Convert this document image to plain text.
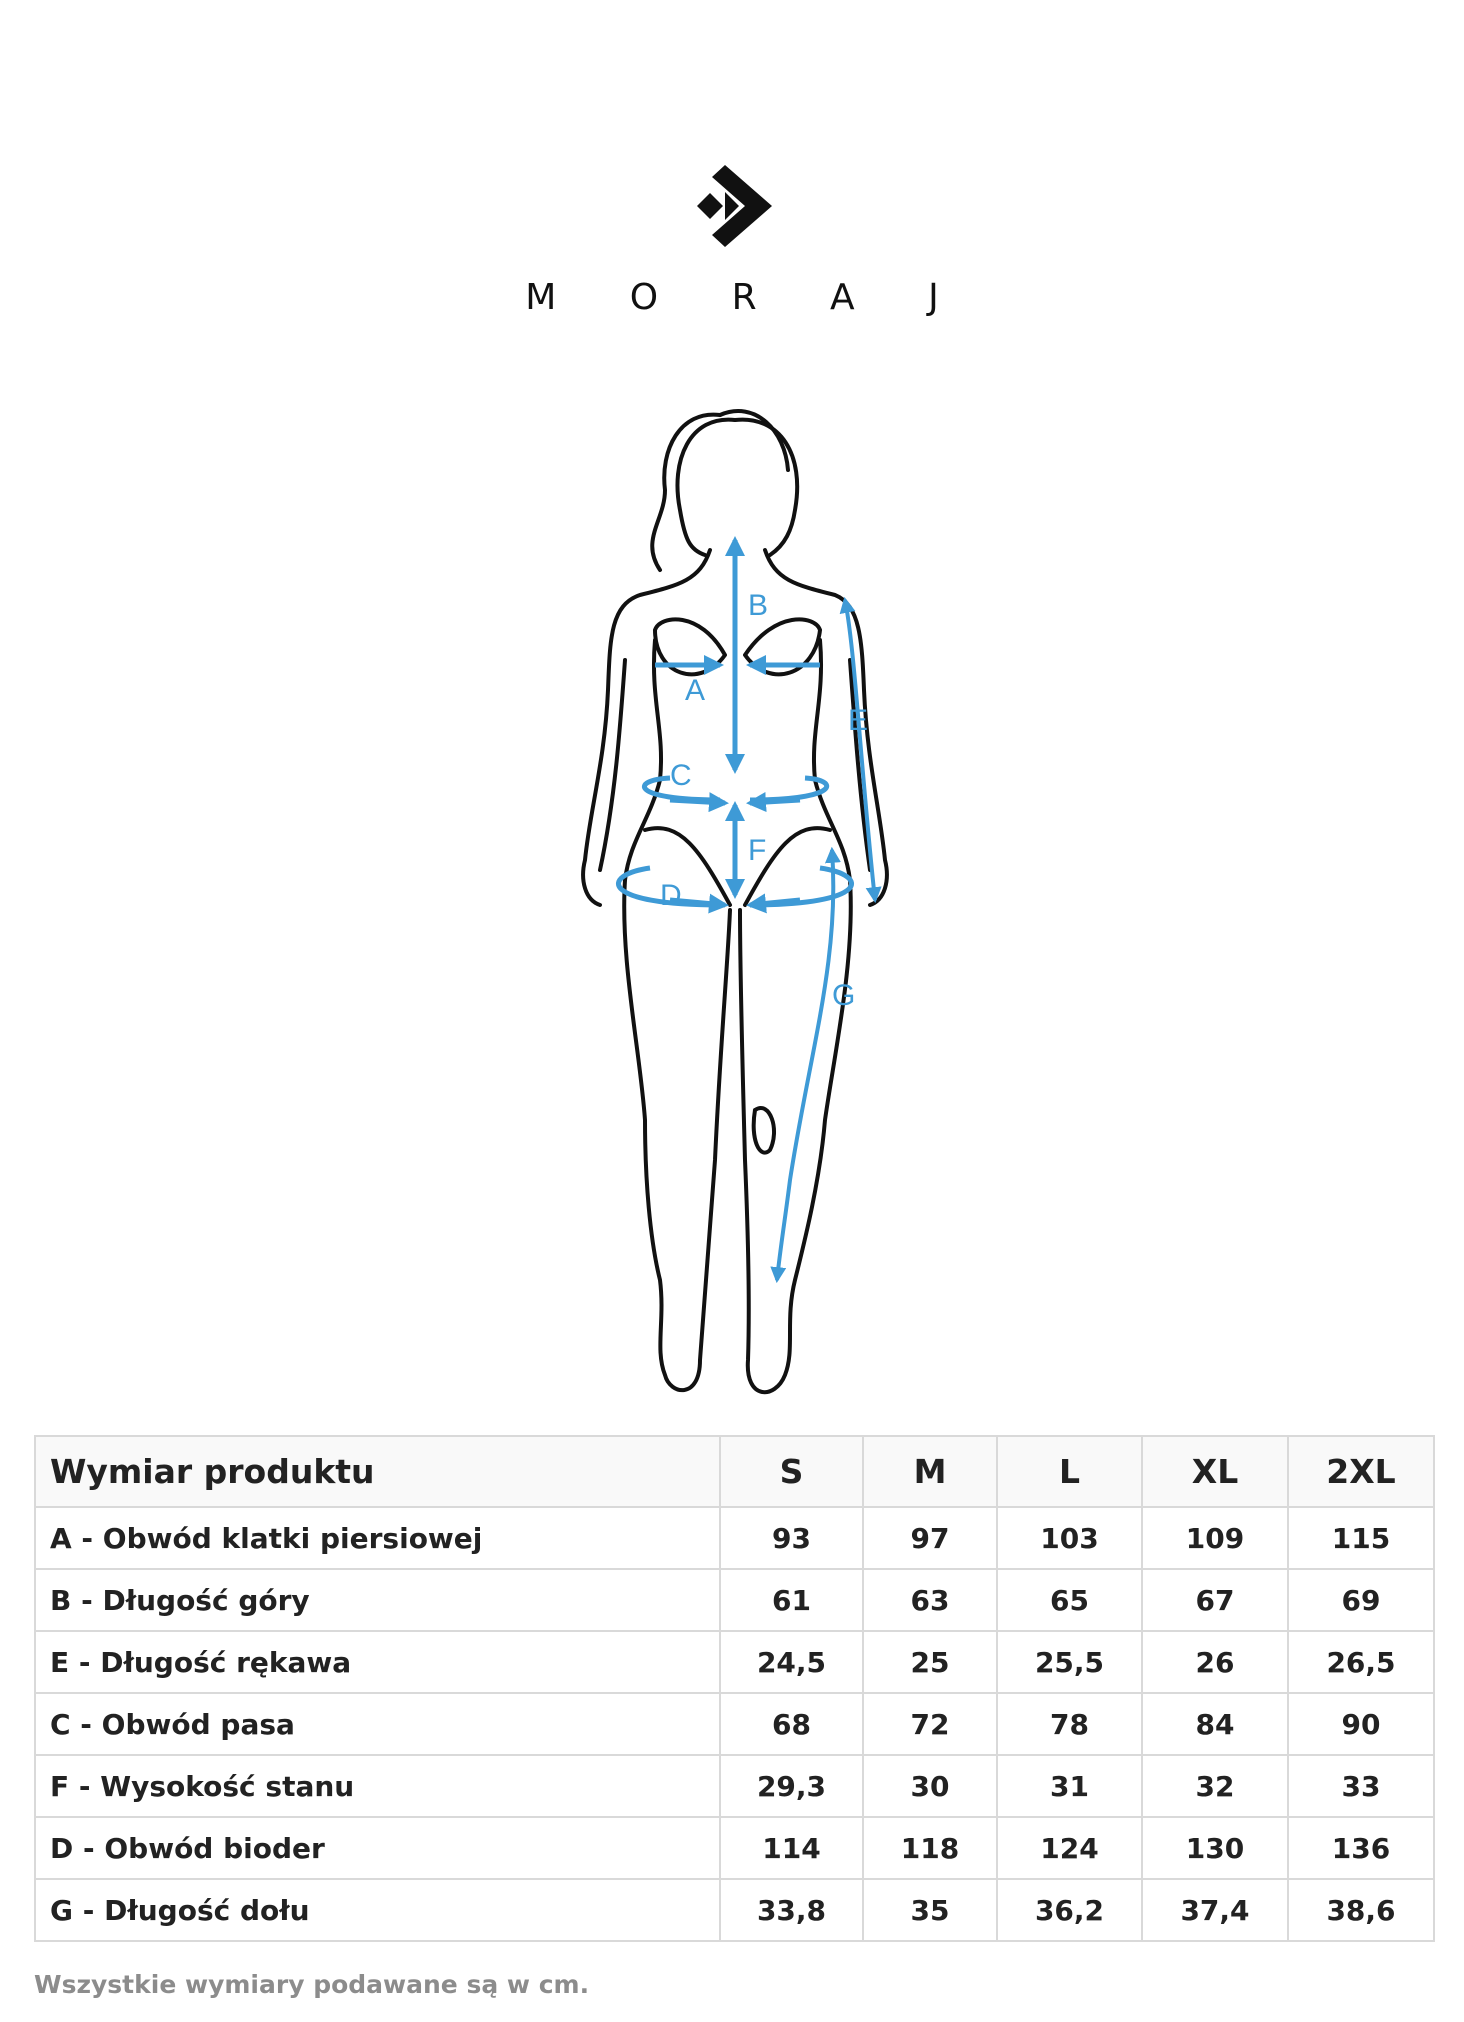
M O R A J
B
A
E
C
F
D
G
Wymiar produktu	S	M	L	XL	2XL
A - Obwód klatki piersiowej	93	97	103	109	115
B - Długość góry	61	63	65	67	69
E - Długość rękawa	24,5	25	25,5	26	26,5
C - Obwód pasa	68	72	78	84	90
F - Wysokość stanu	29,3	30	31	32	33
D - Obwód bioder	114	118	124	130	136
G - Długość dołu	33,8	35	36,2	37,4	38,6
Wszystkie wymiary podawane są w cm.
